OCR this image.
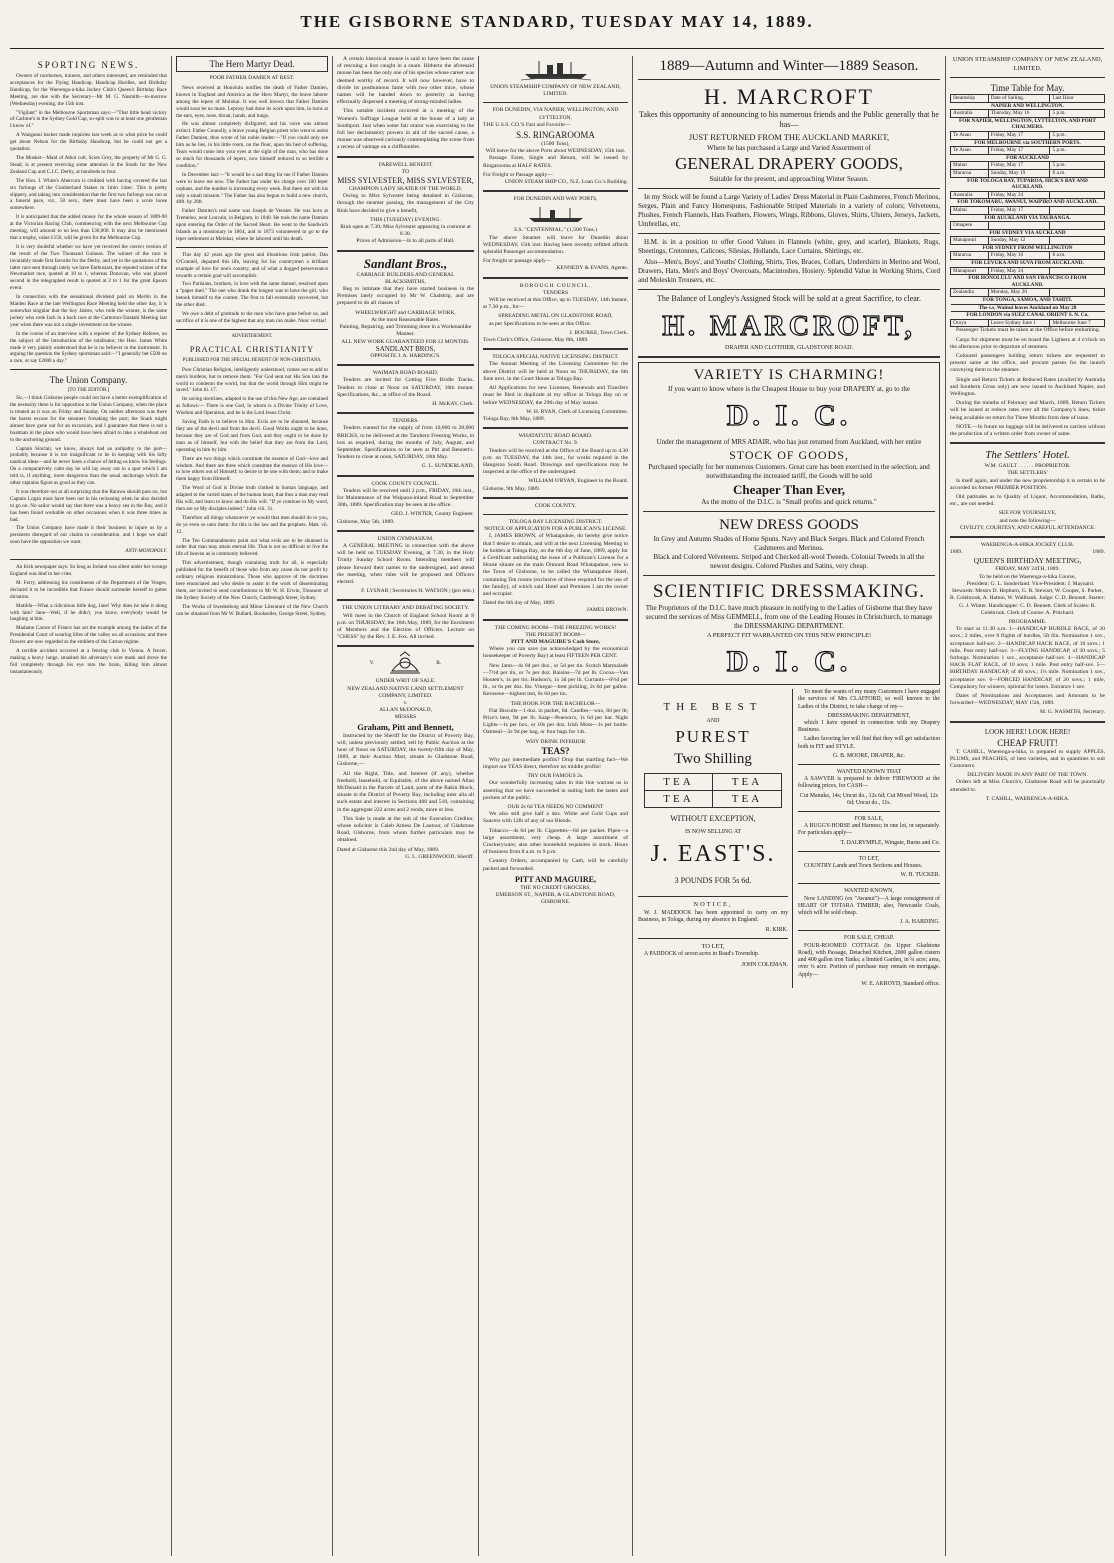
THE GISBORNE STANDARD, TUESDAY MAY 14, 1889.
SPORTING NEWS.

Owners of racehorses, trainers, and others interested, are reminded that acceptances for the Flying Handicap, Handicap Hurdles, and Birthday Handicap, for the Waerenga-a-hika Jockey Club's Queen's Birthday Race Meeting, are due with the Secretary—Mr M. G. Nasmith—to-morrow (Wednesday) evening, the 15th inst.

"Vigilant" in the Melbourne Sportsman says:—"That little head victory of Carbine's in the Sydney Gold Cup, so-split was to at least one gentleman I know of."

A Wanganui backer made inquiries last week as to what price he could get about Nelson for the Birthday Handicap, but he could not get a quotation.

The Musket—Maid of Athol colt, Scots Grey, the property of Mr G. G. Stead, is at present receiving some attention in the South for the New Zealand Cup and C.J.C. Derby, at hundreds to four.

The Hon. J. White's Abercorn is credited with having covered the last six furlongs of the Cumberland Stakes in 1min 14sec. This is pretty slippery, and taking into consideration that the first two furlongs was run at a funeral pace, viz., 58 secs., there must have been a score loose somewhere.

It is anticipated that the added money for the whole season of 1889-90 at the Victorian Racing Club, commencing with the next Melbourne Cup meeting, will amount to no less than £36,000. It may also be mentioned that a trophy, value £150, will be given for the Melbourne Cup.

It is very doubtful whether we have yet received the correct version of the result of the Two Thousand Guineas. The winner of the race is invariably made first favorite for the Derby, and yet in the quotations of the latter race sent through lately we have Enthusiast, the reputed winner of the Newmarket race, quoted at 10 to 1, whereas Donovan, who was placed second in the telegraphed result is quoted at 2 to 1 for the great Epsom event.

In connection with the sensational dividend paid on Merlin in the Maiden Race at the late Wellington Race Meeting held the other day, it is somewhat singular that the boy James, who rode the winner, is the same jockey who rode Jack in a hack race at the Carterton-Taratahi Meeting last year when there was not a single investment on the winner.

In the course of an interview with a reporter of the Sydney Referee, on the subject of the introduction of the totalisator, the Hon. James White made it very plainly understood that he is no believer in the instrument. In arguing the question the Sydney sportsman said:—"I generally bet £500 on a race, or say £2000 a day."

The Union Company.
[TO THE EDITOR.]

Sir,—I think Gisborne people could not have a better exemplification of the necessity there is for opposition to the Union Company, when the place is treated as it was on Friday and Sunday. On neither afternoon was there the barest excuse for the steamers forsaking the port; the Snark might almost have gone out for an excursion, and I guarantee that there is not a boatman in the place who would have been afraid to take a whaleboat out to the anchoring ground.

Captain Sinclair, we know, always had an antipathy to the port—probably because it is too insignificant to be in keeping with his lofty nautical ideas—and he never loses a chance of letting us know his feelings. On a comparatively calm day he will lay away out in a spot which I am told is, if anything, more dangerous than the usual anchorage which the other captains figure as good as they can.

It was therefore not at all surprising that the Rarawa should pass on, but Captain Logan must have been out in his reckoning when he also decided to go on. No sailor would say that there was a heavy sea in the Bay, and it has been found workable on other occasions when it was three times as bad.

The Union Company have made it their business to injure us by a persistent disregard of our claims to consideration, and I hope we shall soon have the opposition we want.

ANTI-MONOPOLY.

An Irish newspaper says: So long as Ireland was silent under her wrongs England was deaf to her cries.

M. Ferry, addressing his constituents of the Department of the Vosges, declared it to be incredible that France should surrender herself to gutter dictation.

Matilda—What a ridiculous little dog, Jane! Why does he take it along with him? Jane—Well, if he didn't, you know, everybody would be laughing at him.

Madame Carnot of France has set the example among the ladies of the Presidential Court of wearing lilies of the valley on all occasions, and three flowers are now regarded as the emblem of the Carnot régime.

A terrible accident occurred at a fencing club in Vienna. A fencer, making a heavy lunge, smashed his adversary's wire mask and drove the foil completely through his eye into the brain, killing him almost instantaneously.

The Hero Martyr Dead.
POOR FATHER DAMIEN AT REST.

News received at Honolulu notifies the death of Father Damien, known in England and America as the Hero Martyr, the brave laborer among the lepers of Molokai. It was well known that Father Damien would soon be no more. Leprosy had done its work upon him, in turns at the ears, eyes, nose, throat, hands, and lungs.

He was almost completely disfigured, and his voice was almost extinct. Father Connolly, a brave young Belgian priest who went to assist Father Damien, thus wrote of his noble leader:—"If you could only see him as he lies, in his little room, on the floor, upon his bed of suffering. Tears would come into your eyes at the sight of the man, who has done so much for thousands of lepers, now himself reduced to so terrible a condition."

In December last:—"It would be a sad thing for me if Father Damien were to leave me now. The Father has under his charge over 100 leper orphans, and the number is increasing every week. But there are with his only a small mission." The Father has also begun to build a new church, 40ft. by 20ft.

Father Damien's real name was Joseph de Veuster. He was born at Tremeloo, near Louvain, in Belgium, in 1840. He took the name Damien upon entering the Order of the Sacred Heart. He went to the Sandwich Islands as a missionary in 1864, and in 1873 volunteered to go to the leper settlement at Molokai, where he labored until his death.

This day 42 years ago the great and illustrious Irish patriot, Dan O'Connell, departed this life, leaving for his countrymen a brilliant example of love for one's country, and of what a dogged perseverance towards a certain goal will accomplish.

Two Parisians, brothers, in love with the same damsel, resolved upon a "paper duel." The one who drank the longest was to have the girl, who betook himself to the contest. The first to fall eventually recovered, but the other died.

We owe a debt of gratitude to the men who have gone before us, and sacrifice of it is one of the highest that any man can make. Nunc veritas!

ADVERTISEMENT.
PRACTICAL CHRISTIANITY
PUBLISHED FOR THE SPECIAL BENEFIT OF NON-CHRISTIANS.

Pure Christian Religion, intelligently understood, comes not to add to men's burdens, but to remove them. "For God sent not His Son into the world to condemn the world, but that the world through Him might be saved." John iii. 17.

Its saving doctrines, adapted to the use of this New Age, are contained as follows:— There is one God, in whom is a Divine Trinity of Love, Wisdom and Operation, and he is the Lord Jesus Christ.

Saving Faith is to believe in Him. Evils are to be shunned, because they are of the devil and from the devil. Good Works ought to be done, because they are of God and from God, and they ought to be done by man as of himself, but with the belief that they are from the Lord, operating in him by him.

There are two things which constitute the essence of God—love and wisdom. And there are three which constitute the essence of His love—to love others out of Himself; to desire to be one with them; and to make them happy from Himself.

The Word of God is Divine truth clothed in human language, and adapted to the varied states of the human heart, that thus a man may read His will, and learn to know and do His will. "If ye continue in My word, then are ye My disciples indeed." John viii. 31.

Therefore all things whatsoever ye would that men should do to you, do ye even so unto them: for this is the law and the prophets. Matt. vii. 12.

The Ten Commandments point out what evils are to be shunned in order that man may attain eternal life. That is not so difficult to live the life of heaven as is commonly believed.

This advertisement, though containing truth for all, is especially published for the benefit of those who from any cause do not profit by ordinary religious ministrations. Those who approve of the doctrines here enunciated and who desire to assist in the work of disseminating them, are invited to send contributions to Mr W. H. Erwin, Treasurer of the Sydney Society of the New Church, Castlereagh Street, Sydney.

The Works of Swedenborg and Minor Literature of the New Church can be obtained from Mr W. Bullard, Bookseller, George Street, Sydney.

A certain historical mouse is said to have been the cause of rescuing a lion caught in a snare. Hitherto the aforesaid mouse has been the only one of his species whose career was deemed worthy of record. It will now however, have to divide its posthumous fame with two other mice, whose names will be handed down to posterity as having effectually dispersed a meeting of strong-minded ladies.

This notable incident occurred at a meeting of the Women's Suffrage League held at the house of a lady at Southport. Just when some fair orator was exercising to the full her declamatory powers in aid of the sacred cause, a mouse was observed curiously contemplating the scene from a recess of vantage on a chiffonnière.

FAREWELL BENEFIT
TO
MISS SYLVESTER, MISS SYLVESTER,
CHAMPION LADY SKATER OF THE WORLD.

Owing to Miss Sylvester being detained in Gisborne, through the steamer passing, the management of the City Rink have decided to give a benefit,

THIS (TUESDAY) EVENING.
Rink open at 7.30; Miss Sylvester appearing in costume at 8.30.
Prices of Admission—Is to all parts of Hall.
Sandlant Bros.,
CARRIAGE BUILDERS AND GENERAL BLACKSMITHS,

Beg to intimate that they have started business in the Premises lately occupied by Mr W. Chabdrip, and are prepared to do all classes of

WHEELWRIGHT and CARRIAGE WORK,
At the most Reasonable Rates.
Painting, Repairing, and Trimming done in a Workmanlike Manner.
ALL NEW WORK GUARANTEED FOR 12 MONTHS.
SANDLANT BROS,
OPPOSITE J. A. HARDING'S.
WAIMATA ROAD BOARD,

Tenders are invited for Cutting Five Bridle Tracks. Tenders to close at Noon on SATURDAY, 18th instant. Specifications, &c., at office of the Board.

H. McKAY, Clerk.
TENDERS.

Tenders wanted for the supply of from 10,000 to 20,000 BRICKS, to be delivered at the Taruheru Freezing Works, in lots as required, during the months of July, August, and September. Specifications to be seen at Pitt and Bennett's. Tenders to close at noon, SATURDAY, 18th May.

G. L. SUNDERLAND,
COOK COUNTY COUNCIL.

Tenders will be received until 2 p.m., FRIDAY, 16th inst., for Maintenance of the Waipaoa-inland Road to September 30th, 1889. Specification may be seen at the office.

GEO. J. WINTER, County Engineer.
Gisborne, May 5th, 1889.
UNION GYMNASIUM.

A GENERAL MEETING in connection with the above will be held on TUESDAY Evening, at 7.30, in the Holy Trinity Sunday School Room. Intending members will please forward their names to the undersigned, and attend the meeting, when rules will be proposed and Officers elected.

F. LYSNAR | Secretaries H. WATSON | (pro tem.)
THE UNION LITERARY AND DEBATING SOCIETY.

Will meet in the Church of England School Room at 8 p.m. on THURSDAY, the 16th May, 1889, for the Enrolment of Members and the Election of Officers. Lecture on "CHESS" by the Rev. J. E. Fox. All invited.

V.	R.
UNDER WRIT OF SALE.
NEW ZEALAND NATIVE LAND SETTLEMENT COMPANY, LIMITED.
v.
ALLAN McDONALD,
MESSRS
Graham, Pitt and Bennett,

Instructed by the Sheriff for the District of Poverty Bay, will, unless previously settled, sell by Public Auction at the hour of Noon on SATURDAY, the twenty-fifth day of May, 1889, at their Auction Mart, situate in Gladstone Road, Gisborne,—

All the Right, Title, and Interest (if any), whether freehold, leasehold, or Equitable, of the above named Allan McDonald in the Parcels of Land, parts of the Rakiu Block, situate in the District of Poverty Bay, including inter alia all such estate and interest in Sections 408 and 510, containing in the aggregate 222 acres and 2 roods, more or less.

This Sale is made at the suit of the Execution Creditor, whose solicitor is Caleb Amess De Lautour, of Gladstone Road, Gisborne, from whom further particulars may be obtained.

Dated at Gisborne this 2nd day of May, 1889.
G. L. GREENWOOD, Sheriff.
UNION STEAMSHIP COMPANY OF NEW ZEALAND, LIMITED.
FOR DUNEDIN, VIA NAPIER, WELLINGTON, AND LYTTELTON.
THE U.S.S. CO.'S Fast and Favorite—
S.S. RINGAROOMA
(1500 Tons),
Will leave for the above Ports about WEDNESDAY, 15th inst.

Passage Fares, Single and Return, will be issued by Ringarooma at HALF RATES.

For Freight or Passage apply—
UNION STEAM SHIP CO., N.Z. Loan Co.'s Building.
FOR DUNEDIN AND WAY PORTS,
S.S. "CENTENNIAL," (1,500 Tons.)

The above Steamer will leave for Dunedin about WEDNESDAY, 15th inst. Having been recently refitted affords splendid Passenger accommodation.

For freight or passage apply—
KENNEDY & EVANS, Agents.
BOROUGH COUNCIL.
TENDERS

Will be received at this Office, up to TUESDAY, 14th Instant, at 7.30 p.m., for—

SPREADING METAL ON GLADSTONE ROAD,

as per Specifications to be seen at this Office.

J. BOURKE, Town Clerk.
Town Clerk's Office, Gisborne, May 8th, 1889.
TOLOGA SPECIAL NATIVE LICENSING DISTRICT.

The Annual Meeting of the Licensing Committee for the above District will be held at Noon on THURSDAY, the 6th June next, in the Court House at Tologa Bay.

All Applications for new Licenses, Renewals and Transfers must be filed in duplicate at my office at Tologa Bay on or before WEDNESDAY, the 29th day of May instant.

W. H. RYAN, Clerk of Licensing Committee.
Tologa Bay, 8th May, 1889.
WHATATUTU ROAD BOARD.
CONTRACT No. 9.

Tenders will be received at the Office of the Board up to 4.30 p.m. on TUESDAY, the 14th inst., for works required in the Hangaroa South Road. Drawings and specifications may be inspected at the office of the undersigned.

WILLIAM O'RYAN, Engineer to the Board.
Gisborne, 9th May, 1889.
COOK COUNTY.
TOLOGA BAY LICENSING DISTRICT.
NOTICE OF APPLICATION FOR A PUBLICAN'S LICENSE.

I, JAMES BROWN, of Whatapuhoe, do hereby give notice that I desire to obtain, and will at the next Licensing Meeting to be holden at Tologa Bay, on the 6th day of June, 1889, apply for a Certificate authorising the issue of a Publican's License for a House situate on the main Ormond Road Whatapuhoe, now in the Town of Gisborne, to be called the Whatapuhoe Hotel, containing Ten rooms (exclusive of those required for the use of the family), of which said Hotel and Premises I am the owner and occupier.

Dated the 6th day of May, 1889.
JAMES BROWN.
THE COMING BOOM—THE FREEZING WORKS!
THE PRESENT BOOM—
PITT AND MAGUIRE'S Cash Store,

Where you can save (as acknowledged by the economical housekeeper of Poverty Bay) at least FIFTEEN PER CENT.

New Jams—4s 6d per doz., or 5d per tin. Scotch Marmalade—7½d per tin, or 7s per doz. Raisins—7d per lb. Cocoa—Van Houten's, 1s per tin; Hudson's, 1s 3d per lb. Currants—6½d per lb., or 6s per doz. lbs. Vinegar—best pickling, 2s 6d per gallon. Kerosene—highest test, 8s 6d per tin.

THE BOOK FOR THE BACHELOR—

Flat Biscuits—1 doz. in packet, 6d. Candles—wax, 8d per lb; Price's best, 9d per lb. Soap—Pearson's, 1s 6d per bar. Night Lights—1s per box, or 10s per doz. Irish Moss—1s per bottle. Oatmeal—3s 9d per bag, or four bags for 14s.

WHY DRINK INFERIOR
TEAS?

Why pay intermediate profits? Drop that startling fact—We import our TEAS direct, therefore no middle profits!

TRY OUR FAMOUS 2s.

Our wonderfully increasing sales in this line warrant us in asserting that we have succeeded in suiting both the tastes and pockets of the public.

OUR 2s 6d TEA NEEDS NO COMMENT

We also still give half a doz. White and Gold Cups and Saucers with 12lb of any of our Blends.

Tobacco—4s 6d per lb. Cigarettes—6d per packet. Pipes—a large assortment, very cheap. A large assortment of Crockeryware; also other household requisites in stock. Hours of business from 8 a.m. to 9 p.m.

Country Orders, accompanied by Cash, will be carefully packed and forwarded.

PITT AND MAGUIRE,
THE NO CREDIT GROCERS,
EMERSON ST., NAPIER, & GLADSTONE ROAD, GISBORNE.
1889—Autumn and Winter—1889 Season.
H. MARCROFT
Takes this opportunity of announcing to his numerous friends and the Public generally that he has—
JUST RETURNED FROM THE AUCKLAND MARKET,
Where he has purchased a Large and Varied Assortment of
GENERAL DRAPERY GOODS,
Suitable for the present, and approaching Winter Season.

In my Stock will be found a Large Variety of Ladies' Dress Material in Plain Cashmeres, French Merinos, Serges, Plain and Fancy Homespuns, Fashionable Striped Materials in a variety of colors; Velveteens, Plushes, French Flannels, Hats Feathers, Flowers, Wings, Ribbons, Gloves, Shirts, Ulsters, Jerseys, Jackets, Umbrellas, etc.

H.M. is in a position to offer Good Values in Flannels (white, grey, and scarlet), Blankets, Rugs, Sheetings, Cretonnes, Calicoes, Silesias, Hollands, Lace Curtains, Shirtings, etc.

Also—Men's, Boys', and Youths' Clothing, Shirts, Ties, Braces, Collars, Undershirts in Merino and Wool, Drawers, Hats, Men's and Boys' Overcoats, Macintoshes, Hosiery. Splendid Value in Working Shirts, Cord and Moleskin Trousers, etc.

The Balance of Longley's Assigned Stock will be sold at a great Sacrifice, to clear.
H. MARCROFT,
DRAPER AND CLOTHIER, GLADSTONE ROAD.
VARIETY IS CHARMING!
If you want to know where is the Cheapest House to buy your DRAPERY at, go to the
D. I. C.
Under the management of MRS ADAIR, who has just returned from Auckland, with her entire
STOCK OF GOODS,
Purchased specially for her numerous Customers. Great care has been exercised in the selection, and notwithstanding the increased tariff, the Goods will be sold
Cheaper Than Ever,
As the motto of the D.I.C. is "Small profits and quick returns."
NEW DRESS GOODS
In Grey and Autumn Shades of Home Spuns. Navy and Black Serges. Black and Colored French Cashmeres and Merinos.
Black and Colored Velveteens. Striped and Checked all-wool Tweeds. Colonial Tweeds in all the newest designs. Colored Plushes and Satins, very cheap.
SCIENTIFIC DRESSMAKING.
The Proprietors of the D.I.C. have much pleasure in notifying to the Ladies of Gisborne that they have secured the services of Miss GEMMELL, from one of the Leading Houses in Christchurch, to manage the DRESSMAKING DEPARTMENT.
A PERFECT FIT WARRANTED ON THIS NEW PRINCIPLE!
D. I. C.
THE BEST
AND
PUREST
Two Shilling
TEA	TEA
TEA	TEA
WITHOUT EXCEPTION,
IS NOW SELLING AT
J. EAST'S.
3 POUNDS FOR 5s 6d.
NOTICE,

W. J. MADDOCK has been appointed to carry on my Business, in Tologa, during my absence in England.

R. KIRK.
TO LET,

A PADDOCK of seven acres in Read's Township.

JOHN COLEMAN.

To meet the wants of my many Customers I have engaged the services of Mrs CLAFFORD, so well known to the Ladies of the District, to take charge of my—

DRESSMAKING DEPARTMENT,

which I have opened in connection with my Drapery Business.

Ladies favoring her will find that they will get satisfaction both in FIT and STYLE.

G. B. MOORE, DRAPER, &c.
WANTED KNOWN THAT

A SAWYER is prepared to deliver FIREWOOD at the following prices, for CASH—

Cut Manuka, 14s; Uncut do., 12s 6d; Cut Mixed Wood, 12s 6d; Uncut do., 11s.
FOR SALE,

A BUGGY-HORSE and Harness; in one lot, or separately. For particulars apply—

T. DALRYMPLE, Wingate, Burns and Co.
TO LET,

COUNTRY Lands and Town Sections and Houses.

W. H. TUCKER.
WANTED KNOWN,

Now LANDING (ex "Awanui")—A large consignment of HEART OF TOTARA TIMBER; also, Newcastle Coals, which will be sold cheap.

J. A. HARDING.
FOR SALE, CHEAP.

FOUR-ROOMED COTTAGE (in Upper Gladstone Road), with Passage, Detached Kitchen, 2000 gallon cistern and 400 gallon iron Tanks; a limited Garden, in ¼ acre; area, over ¼ acre. Portion of purchase may remain on mortgage. Apply—

W. E. AKROYD, Standard office.
UNION STEAMSHIP COMPANY OF NEW ZEALAND, LIMITED.
Time Table for May.
Steamship	Date of Sailing.	Last Hour
NAPIER AND WELLINGTON.		
Australia	Thursday, May 16	5 p.m.
FOR NAPIER, WELLINGTON, LYTTELTON, AND PORT CHALMERS.		
Te Anau	Friday, May 17	5 p.m.
FOR MELBOURNE via SOUTHERN PORTS.		
Te Anau	Friday, May 17	5 p.m.
FOR AUCKLAND		
Maitai	Friday, May 17	5 p.m.
Mararoa	Sunday, May 19	8 a.m.
FOR TOLOGA BAY, TUPAROA, HICK'S BAY AND AUCKLAND.		
Australia	Friday, May 24	
FOR TOKOMARU, AWANUI, WAIPIRO AND AUCKLAND.		
Maitai	Friday, May 17	
FOR AUCKLAND VIA TAURANGA.		
Omapere		
FOR SYDNEY VIA AUCKLAND		
Manapouri	Sunday, May 12	
FOR SYDNEY FROM WELLINGTON		
Mararoa	Friday, May 10	8 a.m.
FOR LEVUKA AND SUVA FROM AUCKLAND.		
Manapouri	Friday, May 24	
FOR HONOLULU AND SAN FRANCISCO FROM AUCKLAND.		
Zealandia	Monday, May 20	
FOR TONGA, SAMOA, AND TAHITI.		
The s.s. Wainui leaves Auckland on May 28		
FOR LONDON via SUEZ CANAL ORIENT S. N. Co.		
Oroya	Leave Sydney June 1	Melbourne June 7

Passenger Tickets must be taken at the Office before embarking.

Cargo for shipment must be on board the Lighters at 4 o'clock on the afternoon prior to departure of steamers.

Coloured passengers holding return tickets are requested to present same at the office, and procure passes for the launch conveying them to the steamer.

Single and Return Tickets at Reduced Rates (availed by Australia and Southern Cross only) are now issued to Auckland Napier, and Wellington.

During the months of February and March, 1889, Return Tickets will be issued at reduce rates over all the Company's lines, ticket being available on return for Three Months from date of issue.

NOTE.—In future no luggage will be delivered to carriers without the production of a written order from owner of same.

The Settlers' Hotel.
W.M. GAULT . . . . . . PROPRIETOR.
THE SETTLERS'

Is itself again, and under the new proprietorship it is certain to be accorded its former PREMIER POSITION.

Old patitudes as to Quality of Liquor, Accommodation, Baths, etc., are not needed.

SEE FOR YOURSELVE,
and note the following—
CIVILITY, COURTESY, AND CAREFUL ATTENDANCE.
WAERENGA-A-HIKA JOCKEY CLUB.
1889.	1889.
QUEEN'S BIRTHDAY MEETING,
FRIDAY, MAY 24TH, 1889.
To be held on the Waerenga-a-hika Course,

President: G. L. Sunderland. Vice-President: J. Maynard. Stewards: Messrs D. Hepburn, G. R. Stewart, W. Cooper, S. Parker, R. Colebrook, A. Hatton, W. Wallbank. Judge: C. D. Bennett. Starter: G. J. Winter. Handicapper: C. D. Bennett. Clerk of Scales: R. Colebrook. Clerk of Course: A. Pritchard.

PROGRAMME.

To start at 11.30 a.m. 1—HANDICAP HURDLE RACE, of 30 sovs.; 2 miles, over 8 flights of hurdles, 5ft 6in. Nomination 1 sov., acceptance half-sov. 2—HANDICAP HACK RACE, of 10 sovs.; 1 mile. Post entry half-sov. 3—FLYING HANDICAP, of 30 sovs.; 5 furlongs. Nomination 1 sov., acceptance half-sov. 4—HANDICAP HACK FLAT RACE, of 10 sovs; 1 mile. Post entry half-sov. 5—BIRTHDAY HANDICAP, of 40 sovs.; 1¼ mile. Nomination 1 sov., acceptance sov. 6—FORCED HANDICAP, of 20 sovs.; 1 mile, Compulsory for winners, optional for losers. Entrance 1 sov.

Dates of Nominations and Acceptances and Amounts to be forwarded—WEDNESDAY, MAY 15th, 1889.

M. G. NASMITH, Secretary.
LOOK HERE! LOOK HERE!
CHEAP FRUIT!

T. CAHILL, Waerenga-a-hika, is prepared to supply APPLES, PLUMS, and PEACHES, of best varieties, and in quantities to suit Customers.

DELIVERY MADE IN ANY PART OF THE TOWN.

Orders left at Miss Church's, Gladstone Road will be punctually attended to.

T. CAHILL, WAERENGA-A-HIKA.
